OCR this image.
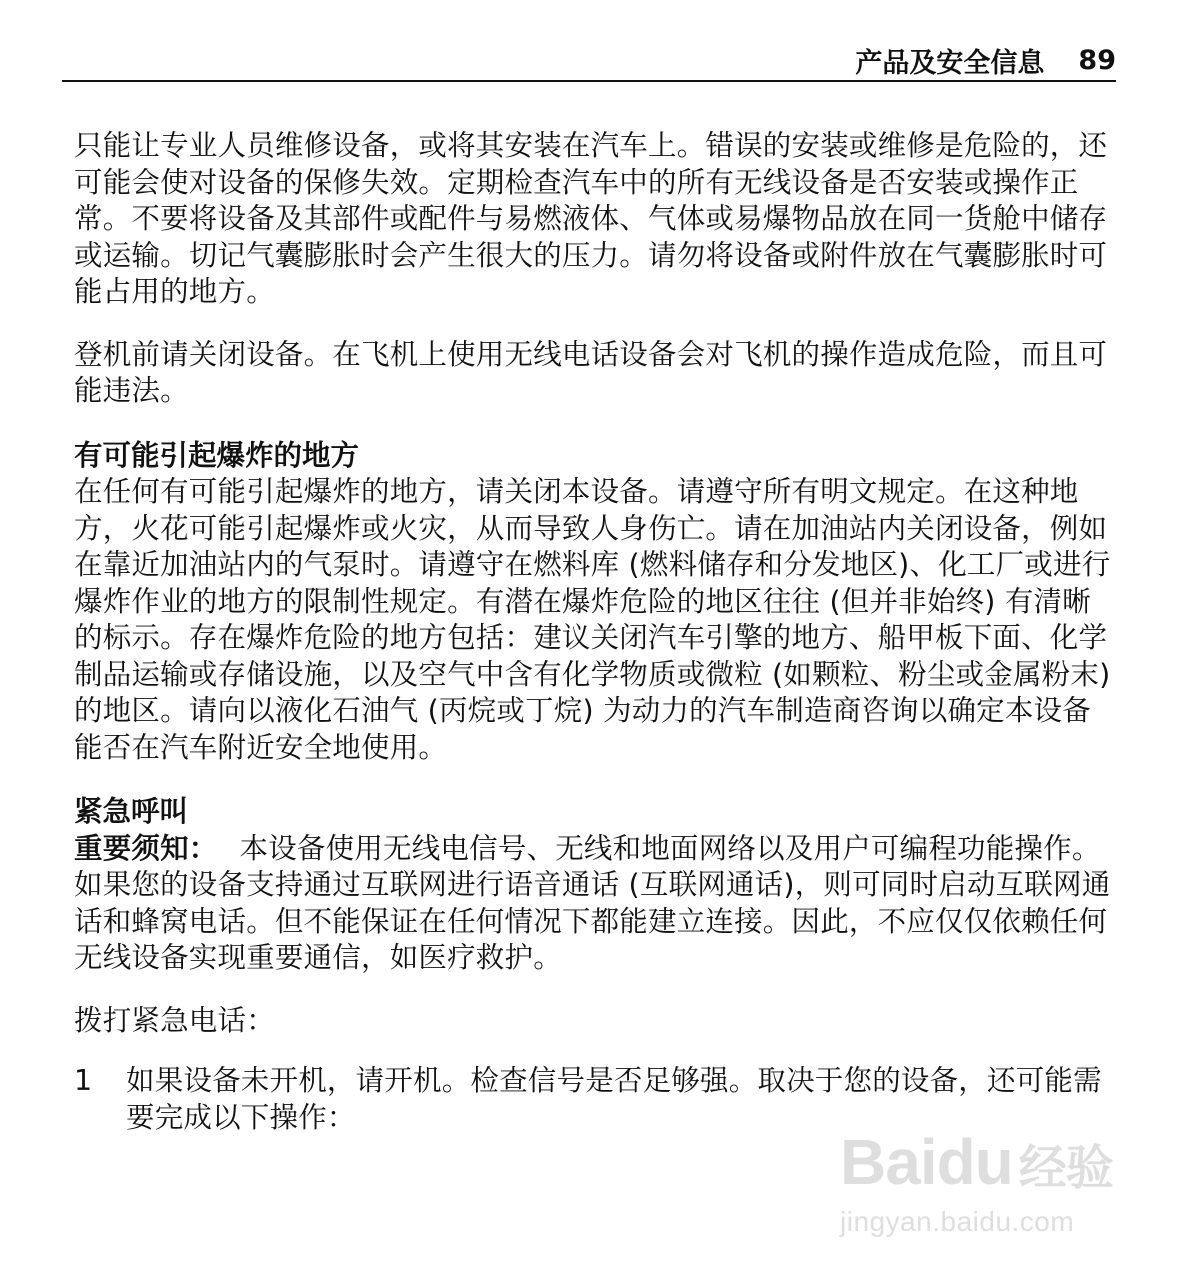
产品及安全信息 89

只能让专业人员维修设备，或将其安装在汽车上。错误的安装或维修是危险的，还可能会使对设备的保修失效。定期检查汽车中的所有无线设备是否安装或操作正常。不要将设备及其部件或配件与易燃液体、气体或易爆物品放在同一货舱中储存或运输。切记气囊膨胀时会产生很大的压力。请勿将设备或附件放在气囊膨胀时可能占用的地方。

登机前请关闭设备。在飞机上使用无线电话设备会对飞机的操作造成危险，而且可能违法。

有可能引起爆炸的地方

在任何有可能引起爆炸的地方，请关闭本设备。请遵守所有明文规定。在这种地方，火花可能引起爆炸或火灾，从而导致人身伤亡。请在加油站内关闭设备，例如在靠近加油站内的气泵时。请遵守在燃料库 (燃料储存和分发地区)、化工厂或进行爆炸作业的地方的限制性规定。有潜在爆炸危险的地区往往 (但并非始终) 有清晰的标示。存在爆炸危险的地方包括：建议关闭汽车引擎的地方、船甲板下面、化学制品运输或存储设施，以及空气中含有化学物质或微粒 (如颗粒、粉尘或金属粉末) 的地区。请向以液化石油气 (丙烷或丁烷) 为动力的汽车制造商咨询以确定本设备能否在汽车附近安全地使用。

紧急呼叫

重要须知： 本设备使用无线电信号、无线和地面网络以及用户可编程功能操作。如果您的设备支持通过互联网进行语音通话 (互联网通话)，则可同时启动互联网通话和蜂窝电话。但不能保证在任何情况下都能建立连接。因此，不应仅仅依赖任何无线设备实现重要通信，如医疗救护。

拨打紧急电话：

1	如果设备未开机，请开机。检查信号是否足够强。取决于您的设备，还可能需要完成以下操作：

Baidu 经验
jingyan.baidu.com
